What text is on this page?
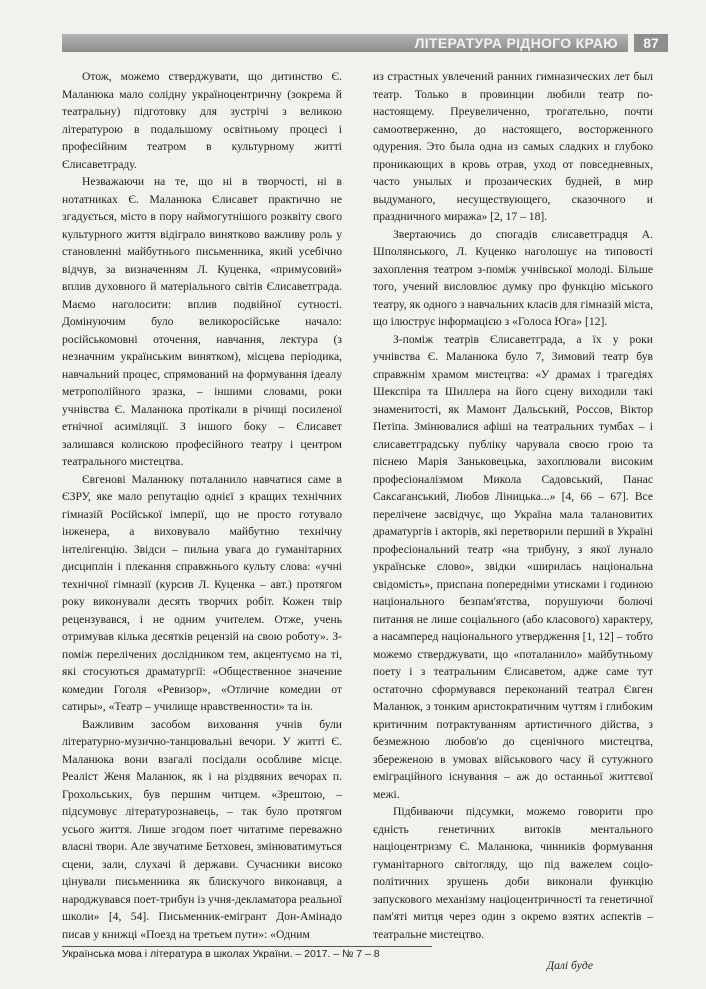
ЛІТЕРАТУРА РІДНОГО КРАЮ	87

Отож, можемо стверджувати, що дитинство Є. Маланюка мало солідну україноцентричну (зокрема й театральну) підготовку для зустрічі з великою літературою в подальшому освітньому процесі і професійним театром в культурному житті Єлисаветграду.

Незважаючи на те, що ні в творчості, ні в нотатниках Є. Маланюка Єлисавет практично не згадується, місто в пору наймогутнішого розквіту свого культурного життя відіграло винятково важливу роль у становленні майбутнього письменника, який усебічно відчув, за визначенням Л. Куценка, «примусовий» вплив духовного й матеріального світів Єлисаветграда. Маємо наголосити: вплив подвійної сутності. Домінуючим було великоросійське начало: російськомовні оточення, навчання, лектура (з незначним українським винятком), місцева періодика, навчальний процес, спрямований на формування ідеалу метрополійного зразка, – іншими словами, роки учнівства Є. Маланюка протікали в річищі посиленої етнічної асиміляції. З іншого боку – Єлисавет залишався колискою професійного театру і центром театрального мистецтва.

Євгенові Маланюку поталанило навчатися саме в ЄЗРУ, яке мало репутацію однієї з кращих технічних гімназій Російської імперії, що не просто готувало інженера, а виховувало майбутню технічну інтелігенцію. Звідси – пильна увага до гуманітарних дисциплін і плекання справжнього культу слова: «учні технічної гімназії (курсив Л. Куценка – авт.) протягом року виконували десять творчих робіт. Кожен твір рецензувався, і не одним учителем. Отже, учень отримував кілька десятків рецензій на свою роботу». З-поміж перелічених дослідником тем, акцентуємо на ті, які стосуються драматургії: «Общественное значение комедии Гоголя «Ревизор», «Отличие комедии от сатиры», «Театр – училище нравственности» та ін.

Важливим засобом виховання учнів були літературно-музично-танцювальні вечори. У житті Є. Маланюка вони взагалі посідали особливе місце. Реаліст Женя Маланюк, як і на різдвяних вечорах п. Грохольських, був першим читцем. «Зрештою, – підсумовує літературознавець, – так було протягом усього життя. Лише згодом поет читатиме переважно власні твори. Але звучатиме Бетховен, змінюватимуться сцени, зали, слухачі й держави. Сучасники високо цінували письменника як блискучого виконавця, а народжувався поет-трибун із учня-декламатора реальної школи» [4, 54]. Письменник-емігрант Дон-Амінадо писав у книжці «Поезд на третьем пути»: «Одним

из страстных увлечений ранних гимназических лет был театр. Только в провинции любили театр по-настоящему. Преувеличенно, трогательно, почти самоотверженно, до настоящего, восторженного одурения. Это была одна из самых сладких и глубоко проникающих в кровь отрав, уход от повседневных, часто унылых и прозаических будней, в мир выдуманого, несуществующего, сказочного и праздничного миража» [2, 17 – 18].

Звертаючись до спогадів єлисаветградця А. Шполянського, Л. Куценко наголошує на типовості захоплення театром з-поміж учнівської молоді. Більше того, учений висловлює думку про функцію міського театру, як одного з навчальних класів для гімназій міста, що ілюструє інформацією з «Голоса Юга» [12].

З-поміж театрів Єлисаветграда, а їх у роки учнівства Є. Маланюка було 7, Зимовий театр був справжнім храмом мистецтва: «У драмах і трагедіях Шекспіра та Шиллера на його сцену виходили такі знаменитості, як Мамонт Дальський, Россов, Віктор Петіпа. Змінювалися афіші на театральних тумбах – і єлисаветградську публіку чарувала своєю грою та піснею Марія Заньковецька, захоплювали високим професіоналізмом Микола Садовський, Панас Саксаганський, Любов Ліницька...» [4, 66 – 67]. Все перелічене засвідчує, що Україна мала талановитих драматургів і акторів, які перетворили перший в Україні професіональний театр «на трибуну, з якої лунало українське слово», звідки «ширилась національна свідомість», приспана попередніми утисками і годиною національного безпам'ятства, порушуючи болючі питання не лише соціального (або класового) характеру, а насамперед національного утвердження [1, 12] – тобто можемо стверджувати, що «поталанило» майбутньому поету і з театральним Єлисаветом, адже саме тут остаточно сформувався переконаний театрал Євген Маланюк, з тонким аристократичним чуттям і глибоким критичним потрактуванням артистичного дійства, з безмежною любов'ю до сценічного мистецтва, збереженою в умовах військового часу й сутужного еміграційного існування – аж до останньої життєвої межі.

Підбиваючи підсумки, можемо говорити про єдність генетичних витоків ментального націоцентризму Є. Маланюка, чинників формування гуманітарного світогляду, що під важелем соціо-політичних зрушень доби виконали функцію запускового механізму націоцентричності та генетичної пам'яті митця через один з окремо взятих аспектів – театральне мистецтво.

Далі буде
Українська мова і література в школах України. – 2017. – № 7 – 8
